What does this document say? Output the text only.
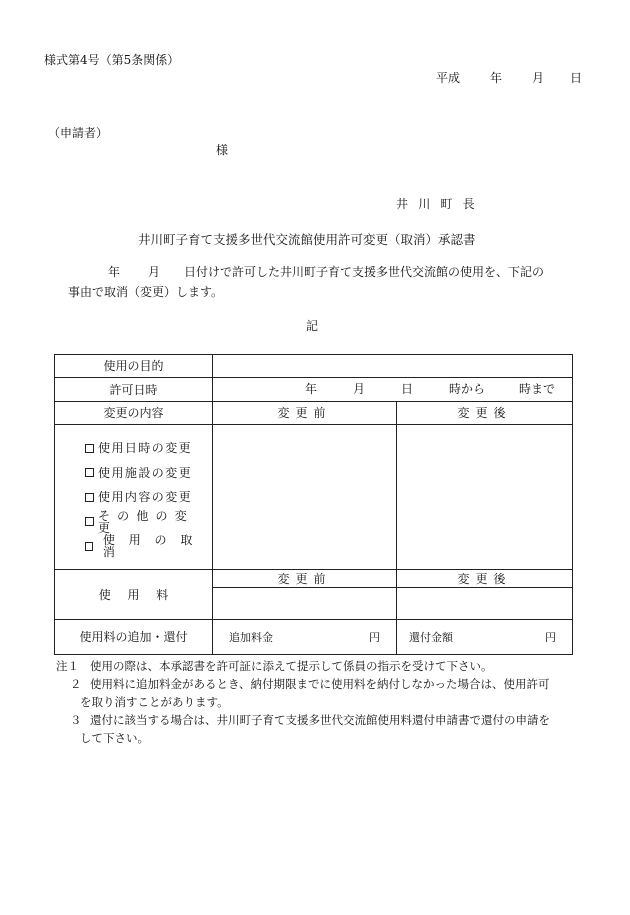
様式第4号（第5条関係）
平成 年 月 日
（申請者）
様
井川町長
井川町子育て支援多世代交流館使用許可変更（取消）承認書
年 月 日付けで許可した井川町子育て支援多世代交流館の使用を、下記の
事由で取消（変更）します。
記
使用の目的		
許可日時	年 月 日 時から 時まで	

変更の内容	変更前	変更後

使用日時の変更
使用施設の変更
使用内容の変更
その他の変更
使用の取消		

使用料	変更前	変更後

使用料の追加・還付	追加料金 円	還付金額 円
注１ 使用の際は、本承認書を許可証に添えて提示して係員の指示を受けて下さい。
２ 使用料に追加料金があるとき、納付期限までに使用料を納付しなかった場合は、使用許可
を取り消すことがあります。
３ 還付に該当する場合は、井川町子育て支援多世代交流館使用料還付申請書で還付の申請を
して下さい。
